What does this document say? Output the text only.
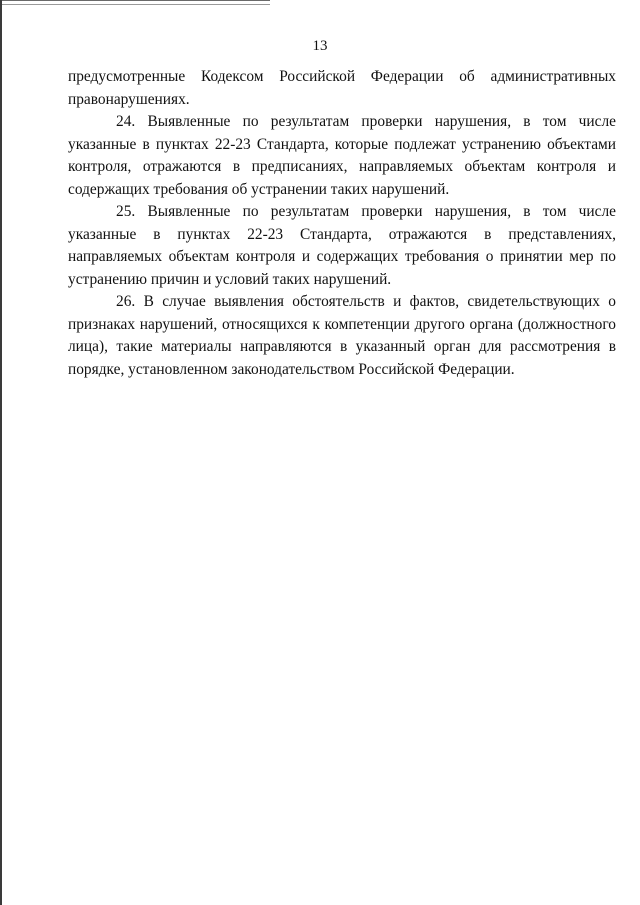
13

предусмотренные Кодексом Российской Федерации об административных правонарушениях.

24. Выявленные по результатам проверки нарушения, в том числе указанные в пунктах 22-23 Стандарта, которые подлежат устранению объектами контроля, отражаются в предписаниях, направляемых объектам контроля и содержащих требования об устранении таких нарушений.

25. Выявленные по результатам проверки нарушения, в том числе указанные в пунктах 22-23 Стандарта, отражаются в представлениях, направляемых объектам контроля и содержащих требования о принятии мер по устранению причин и условий таких нарушений.

26. В случае выявления обстоятельств и фактов, свидетельствующих о признаках нарушений, относящихся к компетенции другого органа (должностного лица), такие материалы направляются в указанный орган для рассмотрения в порядке, установленном законодательством Российской Федерации.
